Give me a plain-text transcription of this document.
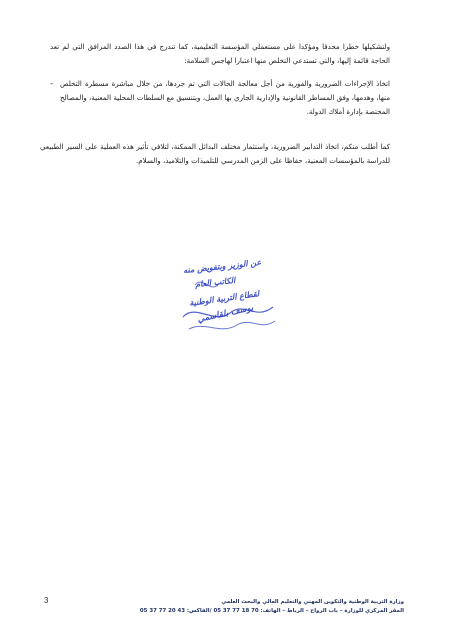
ولتشكيلها خطرا محدقا ومؤكدا على مستعملي المؤسسة التعليمية، كما تندرج في هذا الصدد المرافق التي لم تعد الحاجة قائمة إليها، والتي تستدعي التخلص منها اعتبارا لهاجس السلامة:
- اتخاذ الإجراءات الضرورية والفورية من أجل معالجة الحالات التي تم جردها، من خلال مباشرة مسطرة التخلص منها، وهدمها، وفق المساطر القانونية والإدارية الجاري بها العمل، وبتنسيق مع السلطات المحلية المعنية، والمصالح المختصة بإدارة أملاك الدولة.
كما أطلب منكم، اتخاذ التدابير الضرورية، واستثمار مختلف البدائل الممكنة، لتلافي تأثير هذه العملية على السير الطبيعي للدراسة بالمؤسسات المعنية، حفاظا على الزمن المدرسي للتلميذات والتلاميذ، والسلام.
عن الوزير وبتفويض منه
الكاتب العام
لقطاع التربية الوطنية
يوسف بلقاسمي
3	وزارة التربية الوطنية والتكوين المهني والتعليم العالي والبحث العلمي
المقر المركزي للوزارة – باب الرواح – الرباط – الهاتف: 70 18 77 37 05 /الفاكس: 43 20 77 37 05
